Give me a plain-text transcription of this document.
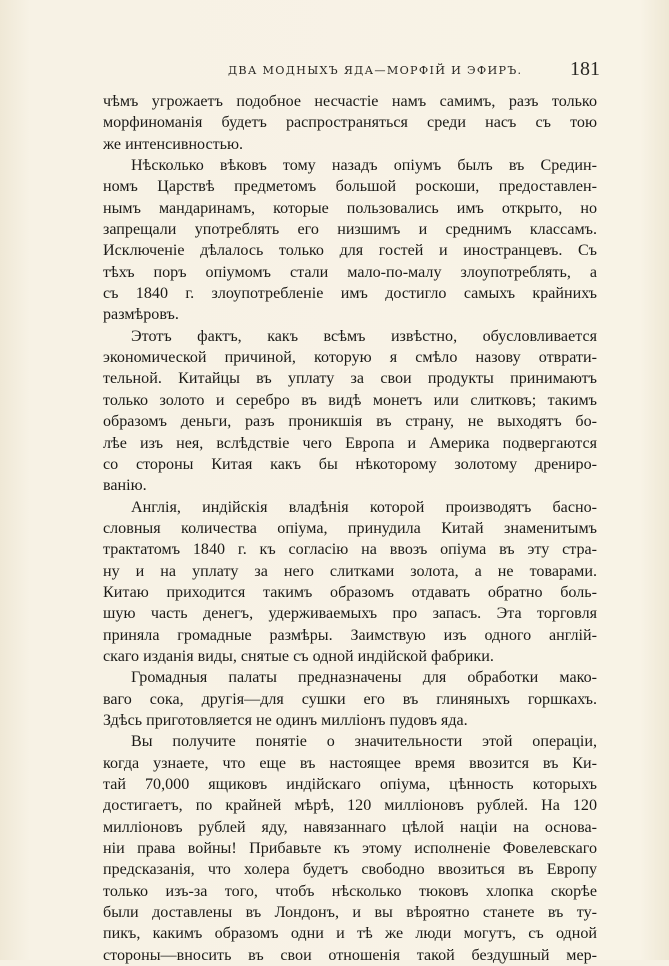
ДВА МОДНЫХЪ ЯДА—МОРФІЙ И ЭФИРЪ. 181
чѣмъ угрожаетъ подобное несчастіе намъ самимъ, разъ только
морфиноманія будетъ распространяться среди насъ съ тою
же интенсивностью.
Нѣсколько вѣковъ тому назадъ опіумъ былъ въ Средин-
номъ Царствѣ предметомъ большой роскоши, предоставлен-
нымъ мандаринамъ, которые пользовались имъ открыто, но
запрещали употреблять его низшимъ и среднимъ классамъ.
Исключеніе дѣлалось только для гостей и иностранцевъ. Съ
тѣхъ поръ опіумомъ стали мало-по-малу злоупотреблять, а
съ 1840 г. злоупотребленіе имъ достигло самыхъ крайнихъ
размѣровъ.
Этотъ фактъ, какъ всѣмъ извѣстно, обусловливается
экономической причиной, которую я смѣло назову отврати-
тельной. Китайцы въ уплату за свои продукты принимаютъ
только золото и серебро въ видѣ монетъ или слитковъ; такимъ
образомъ деньги, разъ проникшія въ страну, не выходятъ бо-
лѣе изъ нея, вслѣдствіе чего Европа и Америка подвергаются
со стороны Китая какъ бы нѣкоторому золотому дрениро-
ванію.
Англія, индійскія владѣнія которой производятъ басно-
словныя количества опіума, принудила Китай знаменитымъ
трактатомъ 1840 г. къ согласію на ввозъ опіума въ эту стра-
ну и на уплату за него слитками золота, а не товарами.
Китаю приходится такимъ образомъ отдавать обратно боль-
шую часть денегъ, удерживаемыхъ про запасъ. Эта торговля
приняла громадные размѣры. Заимствую изъ одного англій-
скаго изданія виды, снятые съ одной индійской фабрики.
Громадныя палаты предназначены для обработки мако-
ваго сока, другія—для сушки его въ глиняныхъ горшкахъ.
Здѣсь приготовляется не одинъ милліонъ пудовъ яда.
Вы получите понятіе о значительности этой операціи,
когда узнаете, что еще въ настоящее время ввозится въ Ки-
тай 70,000 ящиковъ индійскаго опіума, цѣнность которыхъ
достигаетъ, по крайней мѣрѣ, 120 милліоновъ рублей. На 120
милліоновъ рублей яду, навязаннаго цѣлой націи на основа-
ніи права войны! Прибавьте къ этому исполненіе Фовелевскаго
предсказанія, что холера будетъ свободно ввозиться въ Европу
только изъ-за того, чтобъ нѣсколько тюковъ хлопка скорѣе
были доставлены въ Лондонъ, и вы вѣроятно станете въ ту-
пикъ, какимъ образомъ одни и тѣ же люди могутъ, съ одной
стороны—вносить въ свои отношенія такой бездушный мер-
